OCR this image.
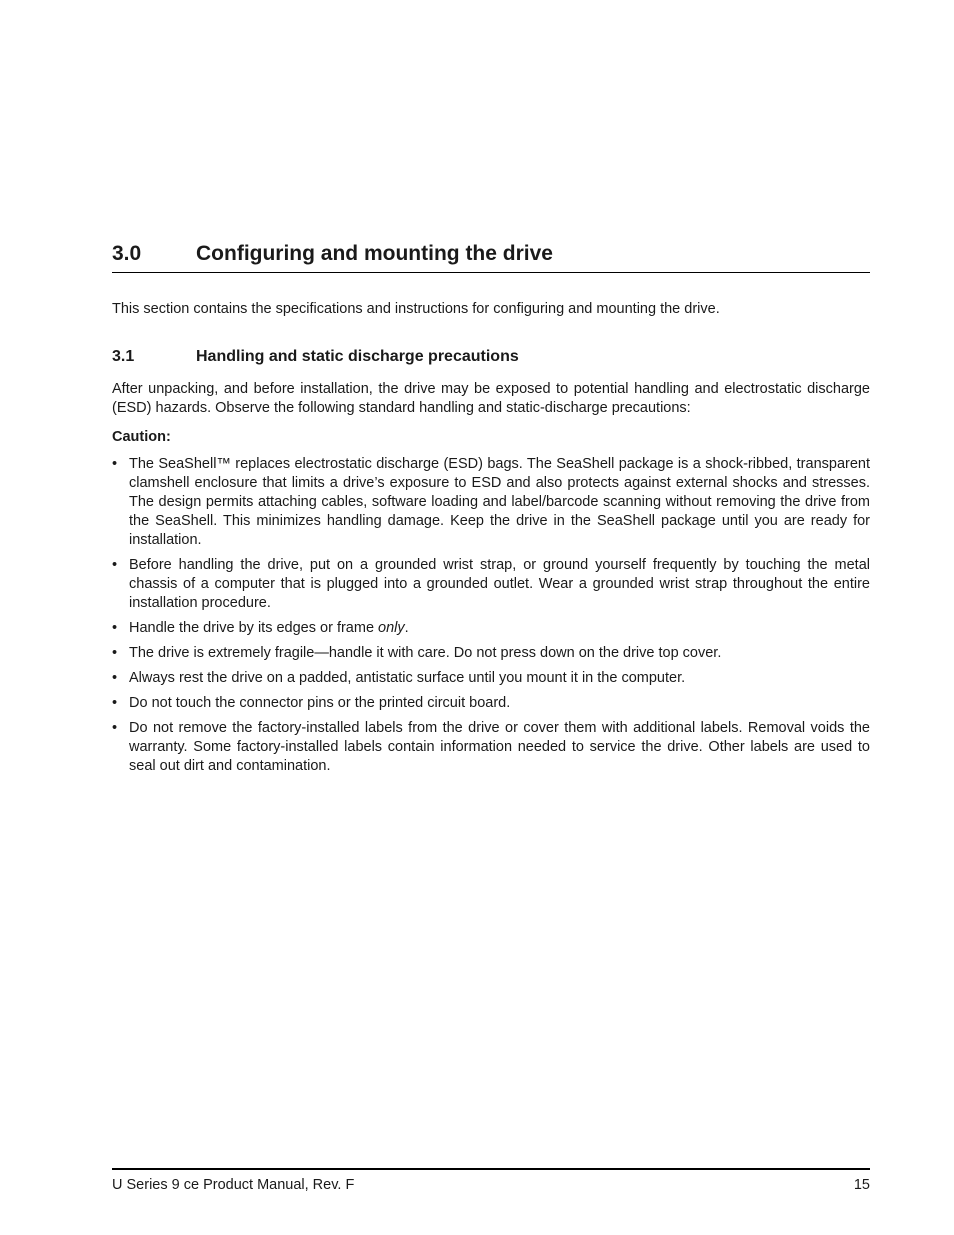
3.0	Configuring and mounting the drive
This section contains the specifications and instructions for configuring and mounting the drive.
3.1	Handling and static discharge precautions
After unpacking, and before installation, the drive may be exposed to potential handling and electrostatic discharge (ESD) hazards. Observe the following standard handling and static-discharge precautions:
Caution:
• The SeaShell™ replaces electrostatic discharge (ESD) bags. The SeaShell package is a shock-ribbed, transparent clamshell enclosure that limits a drive’s exposure to ESD and also protects against external shocks and stresses. The design permits attaching cables, software loading and label/barcode scanning without removing the drive from the SeaShell. This minimizes handling damage. Keep the drive in the SeaShell package until you are ready for installation.
• Before handling the drive, put on a grounded wrist strap, or ground yourself frequently by touching the metal chassis of a computer that is plugged into a grounded outlet. Wear a grounded wrist strap throughout the entire installation procedure.
• Handle the drive by its edges or frame only.
• The drive is extremely fragile—handle it with care. Do not press down on the drive top cover.
• Always rest the drive on a padded, antistatic surface until you mount it in the computer.
• Do not touch the connector pins or the printed circuit board.
• Do not remove the factory-installed labels from the drive or cover them with additional labels. Removal voids the warranty. Some factory-installed labels contain information needed to service the drive. Other labels are used to seal out dirt and contamination.
U Series 9 ce Product Manual, Rev. F	15
